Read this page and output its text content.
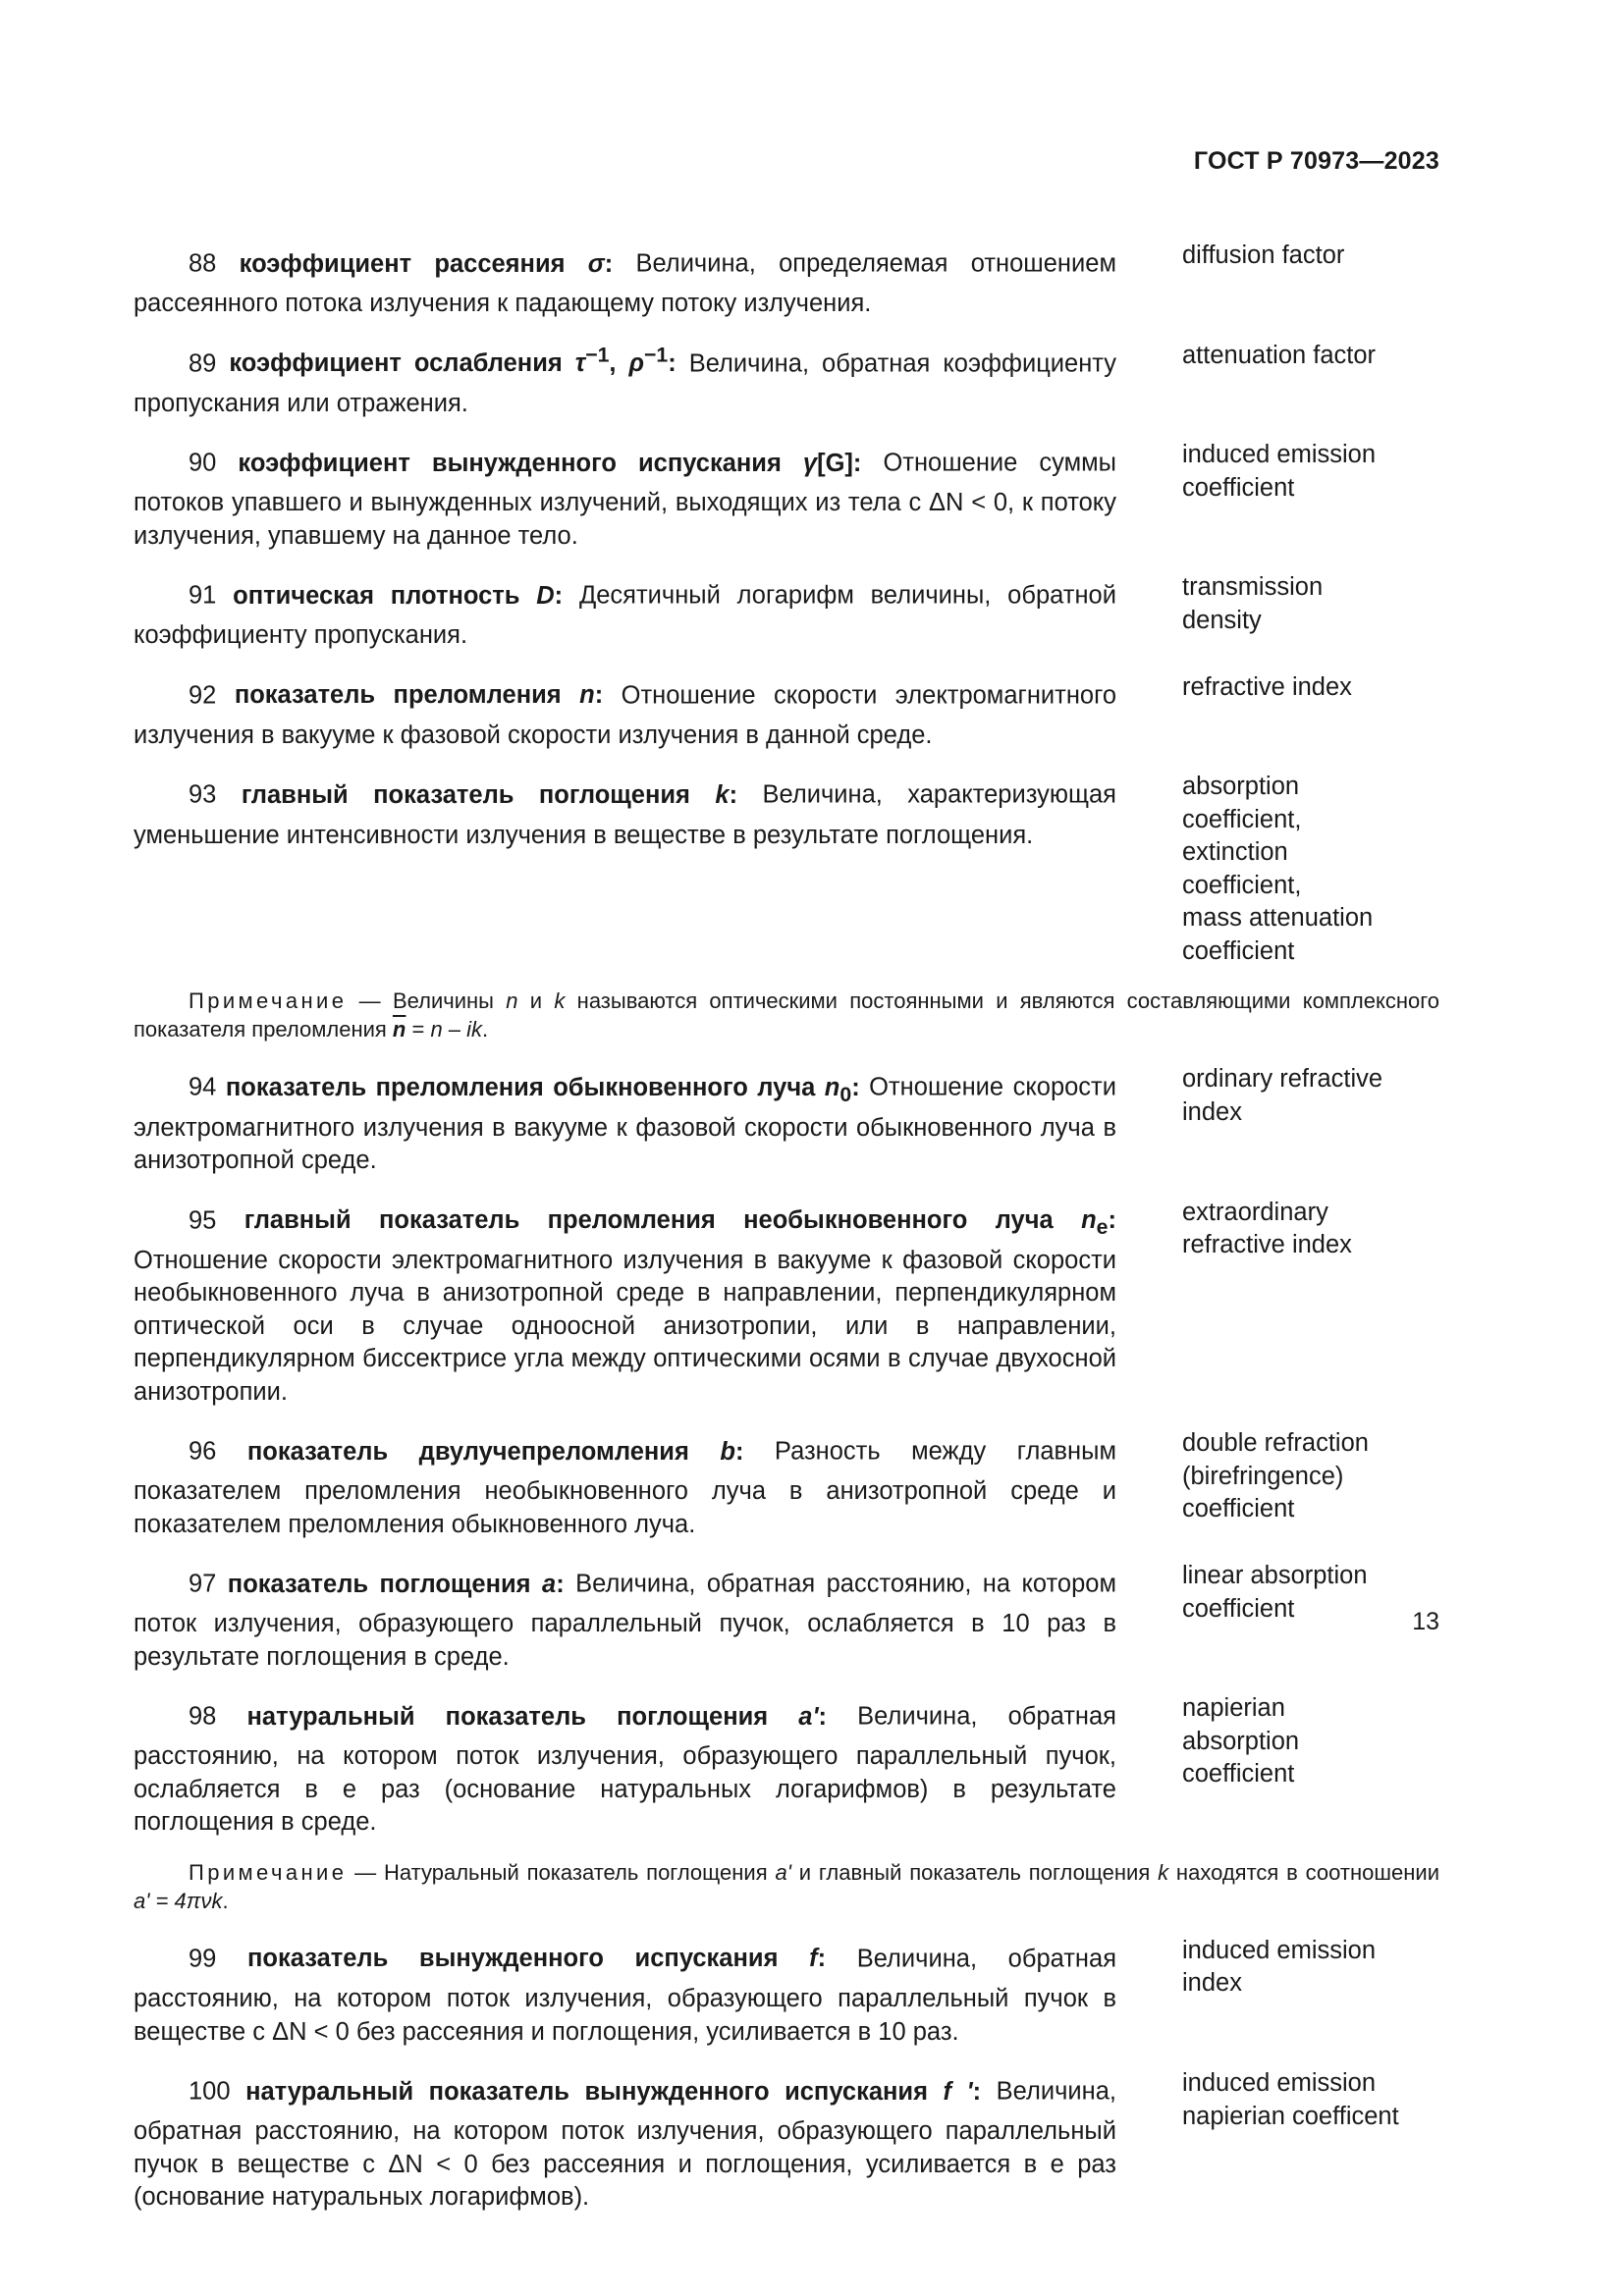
ГОСТ Р 70973—2023
88 коэффициент рассеяния σ: Величина, определяемая отношением рассеянного потока излучения к падающему потоку излучения.
diffusion factor
89 коэффициент ослабления $\tau^{-1}$, $\rho^{-1}$: Величина, обратная коэффициенту пропускания или отражения.
attenuation factor
90 коэффициент вынужденного испускания γ[G]: Отношение суммы потоков упавшего и вынужденных излучений, выходящих из тела с ΔN < 0, к потоку излучения, упавшему на данное тело.
induced emission
coefficient
91 оптическая плотность D: Десятичный логарифм величины, обратной коэффициенту пропускания.
transmission
density
92 показатель преломления n: Отношение скорости электромагнитного излучения в вакууме к фазовой скорости излучения в данной среде.
refractive index
93 главный показатель поглощения k: Величина, характеризующая уменьшение интенсивности излучения в веществе в результате поглощения.
absorption
coefficient,
extinction
coefficient,
mass attenuation
coefficient

Примечание — Величины n и k называются оптическими постоянными и являются составляющими комплексного показателя преломления $\overline{n} = n$ – ik.

94 показатель преломления обыкновенного луча $n_0$: Отношение скорости электромагнитного излучения в вакууме к фазовой скорости обыкновенного луча в анизотропной среде.
ordinary refractive
index
95 главный показатель преломления необыкновенного луча $n_e$: Отношение скорости электромагнитного излучения в вакууме к фазовой скорости необыкновенного луча в анизотропной среде в направлении, перпендикулярном оптической оси в случае одноосной анизотропии, или в направлении, перпендикулярном биссектрисе угла между оптическими осями в случае двухосной анизотропии.
extraordinary
refractive index
96 показатель двулучепреломления b: Разность между главным показателем преломления необыкновенного луча в анизотропной среде и показателем преломления обыкновенного луча.
double refraction
(birefringence)
coefficient
97 показатель поглощения a: Величина, обратная расстоянию, на котором поток излучения, образующего параллельный пучок, ослабляется в 10 раз в результате поглощения в среде.
linear absorption
coefficient
98 натуральный показатель поглощения a': Величина, обратная расстоянию, на котором поток излучения, образующего параллельный пучок, ослабляется в e раз (основание натуральных логарифмов) в результате поглощения в среде.
napierian
absorption
coefficient

Примечание — Натуральный показатель поглощения a' и главный показатель поглощения k находятся в соотношении a' = 4πνk.

99 показатель вынужденного испускания f: Величина, обратная расстоянию, на котором поток излучения, образующего параллельный пучок в веществе с ΔN < 0 без рассеяния и поглощения, усиливается в 10 раз.
induced emission
index
100 натуральный показатель вынужденного испускания f ': Величина, обратная расстоянию, на котором поток излучения, образующего параллельный пучок в веществе с ΔN < 0 без рассеяния и поглощения, усиливается в e раз (основание натуральных логарифмов).
induced emission
napierian coefficent
13
